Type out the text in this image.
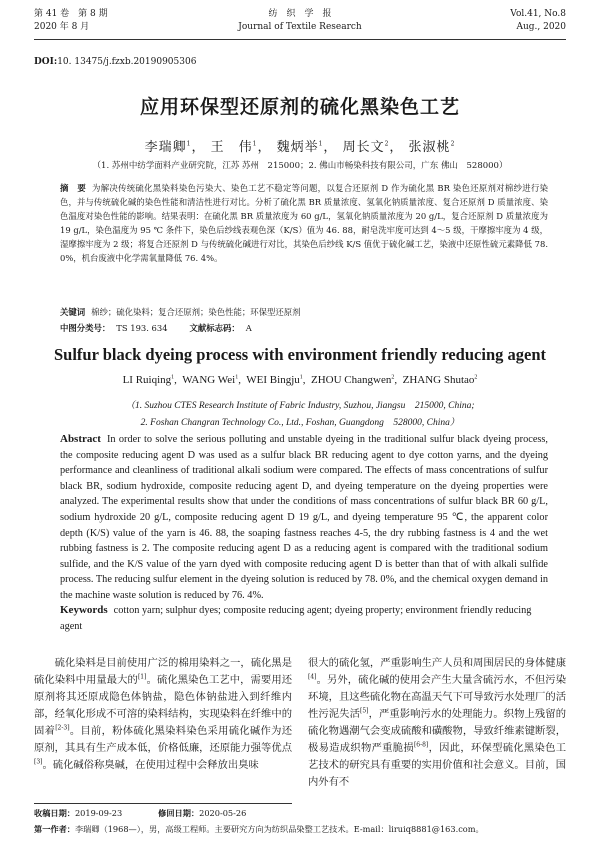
第 41 卷　第 8 期
2020 年 8 月
纺　织　学　报
Journal of Textile Research
Vol.41, No.8
Aug., 2020
DOI:10. 13475/j.fzxb.20190905306
应用环保型还原剂的硫化黑染色工艺
李瑞卿$^1$， 王　伟$^1$， 魏炳举$^1$， 周长文$^2$， 张淑桃$^2$
（1. 苏州中纺学面料产业研究院，江苏 苏州　215000；2. 佛山市畅染科技有限公司，广东 佛山　528000）
摘　要 为解决传统硫化黑染料染色污染大、染色工艺不稳定等问题，以复合还原剂 D 作为硫化黑 BR 染色还原剂对棉纱进行染色，并与传统硫化碱的染色性能和清洁性进行对比。分析了硫化黑 BR 质量浓度、氢氧化钠质量浓度、复合还原剂 D 质量浓度、染色温度对染色性能的影响。结果表明：在硫化黑 BR 质量浓度为 60 g/L，氢氧化钠质量浓度为 20 g/L，复合还原剂 D 质量浓度为 19 g/L，染色温度为 95 ℃ 条件下，染色后纱线表观色深（K/S）值为 46. 88，耐皂洗牢度可达到 4～5 级，干摩擦牢度为 4 级，湿摩擦牢度为 2 级；将复合还原剂 D 与传统硫化碱进行对比，其染色后纱线 K/S 值优于硫化碱工艺，染液中还原性硫元素降低 78. 0%，机台废液中化学需氧量降低 76. 4%。
关键词 棉纱；硫化染料；复合还原剂；染色性能；环保型还原剂
中图分类号： TS 193. 634	文献标志码： A
Sulfur black dyeing process with environment friendly reducing agent
LI Ruiqing$^1$,  WANG Wei$^1$,  WEI Bingju$^1$,  ZHOU Changwen$^2$,  ZHANG Shutao$^2$
（1. Suzhou CTES Research Institute of Fabric Industry, Suzhou, Jiangsu　215000, China;
2. Foshan Changran Technology Co., Ltd., Foshan, Guangdong　528000, China）
Abstract In order to solve the serious polluting and unstable dyeing in the traditional sulfur black dyeing process, the composite reducing agent D was used as a sulfur black BR reducing agent to dye cotton yarns, and the dyeing performance and cleanliness of traditional alkali sodium were compared. The effects of mass concentrations of sulfur black BR, sodium hydroxide, composite reducing agent D, and dyeing temperature on the dyeing properties were analyzed. The experimental results show that under the conditions of mass concentrations of sulfur black BR 60 g/L, sodium hydroxide 20 g/L, composite reducing agent D 19 g/L, and dyeing temperature 95 ℃, the apparent color depth (K/S) value of the yarn is 46. 88, the soaping fastness reaches 4-5, the dry rubbing fastness is 4 and the wet rubbing fastness is 2. The composite reducing agent D as a reducing agent is compared with the traditional sodium sulfide, and the K/S value of the yarn dyed with composite reducing agent D is better than that of with alkali sulfide process. The reducing sulfur element in the dyeing solution is reduced by 78. 0%, and the chemical oxygen demand in the machine waste solution is reduced by 76. 4%.
Keywords cotton yarn; sulphur dyes; composite reducing agent; dyeing property; environment friendly reducing agent
硫化染料是目前使用广泛的棉用染料之一，硫化黑是硫化染料中用量最大的[1]。硫化黑染色工艺中，需要用还原剂将其还原成隐色体钠盐，隐色体钠盐进入到纤维内部，经氧化形成不可溶的染料结构，实现染料在纤维中的固着[2-3]。目前，粉体硫化黑染料染色采用硫化碱作为还原剂，其具有生产成本低，价格低廉，还原能力强等优点[3]。硫化碱俗称臭碱，在使用过程中会释放出臭味
很大的硫化氢，严重影响生产人员和周围居民的身体健康[4]。另外，硫化碱的使用会产生大量含硫污水，不但污染环境，且这些硫化物在高温天气下可导致污水处理厂的活性污泥失活[5]，严重影响污水的处理能力。织物上残留的硫化物遇潮气会变成硫酸和磺酸物，导致纤维素键断裂，极易造成织物严重脆损[6-8]，因此，环保型硫化黑染色工艺技术的研究具有重要的实用价值和社会意义。目前，国内外有不
收稿日期：2019-09-23	修回日期：2020-05-26
第一作者：李瑞卿（1968—），男，高级工程师。主要研究方向为纺织品染整工艺技术。E-mail：liruiq8881@163.com。
